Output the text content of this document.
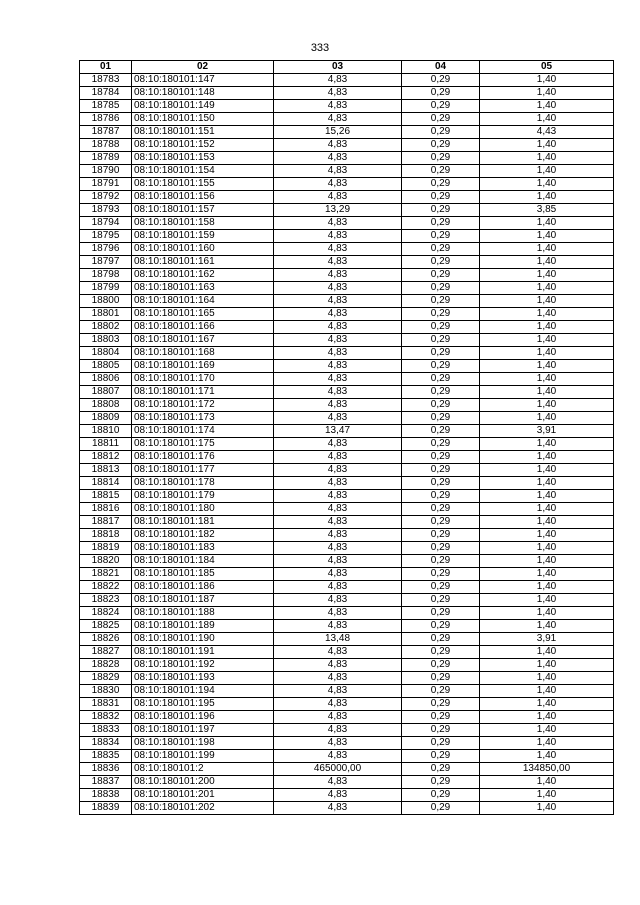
333
01	02	03	04	05
18783	08:10:180101:147	4,83	0,29	1,40
18784	08:10:180101:148	4,83	0,29	1,40
18785	08:10:180101:149	4,83	0,29	1,40
18786	08:10:180101:150	4,83	0,29	1,40
18787	08:10:180101:151	15,26	0,29	4,43
18788	08:10:180101:152	4,83	0,29	1,40
18789	08:10:180101:153	4,83	0,29	1,40
18790	08:10:180101:154	4,83	0,29	1,40
18791	08:10:180101:155	4,83	0,29	1,40
18792	08:10:180101:156	4,83	0,29	1,40
18793	08:10:180101:157	13,29	0,29	3,85
18794	08:10:180101:158	4,83	0,29	1,40
18795	08:10:180101:159	4,83	0,29	1,40
18796	08:10:180101:160	4,83	0,29	1,40
18797	08:10:180101:161	4,83	0,29	1,40
18798	08:10:180101:162	4,83	0,29	1,40
18799	08:10:180101:163	4,83	0,29	1,40
18800	08:10:180101:164	4,83	0,29	1,40
18801	08:10:180101:165	4,83	0,29	1,40
18802	08:10:180101:166	4,83	0,29	1,40
18803	08:10:180101:167	4,83	0,29	1,40
18804	08:10:180101:168	4,83	0,29	1,40
18805	08:10:180101:169	4,83	0,29	1,40
18806	08:10:180101:170	4,83	0,29	1,40
18807	08:10:180101:171	4,83	0,29	1,40
18808	08:10:180101:172	4,83	0,29	1,40
18809	08:10:180101:173	4,83	0,29	1,40
18810	08:10:180101:174	13,47	0,29	3,91
18811	08:10:180101:175	4,83	0,29	1,40
18812	08:10:180101:176	4,83	0,29	1,40
18813	08:10:180101:177	4,83	0,29	1,40
18814	08:10:180101:178	4,83	0,29	1,40
18815	08:10:180101:179	4,83	0,29	1,40
18816	08:10:180101:180	4,83	0,29	1,40
18817	08:10:180101:181	4,83	0,29	1,40
18818	08:10:180101:182	4,83	0,29	1,40
18819	08:10:180101:183	4,83	0,29	1,40
18820	08:10:180101:184	4,83	0,29	1,40
18821	08:10:180101:185	4,83	0,29	1,40
18822	08:10:180101:186	4,83	0,29	1,40
18823	08:10:180101:187	4,83	0,29	1,40
18824	08:10:180101:188	4,83	0,29	1,40
18825	08:10:180101:189	4,83	0,29	1,40
18826	08:10:180101:190	13,48	0,29	3,91
18827	08:10:180101:191	4,83	0,29	1,40
18828	08:10:180101:192	4,83	0,29	1,40
18829	08:10:180101:193	4,83	0,29	1,40
18830	08:10:180101:194	4,83	0,29	1,40
18831	08:10:180101:195	4,83	0,29	1,40
18832	08:10:180101:196	4,83	0,29	1,40
18833	08:10:180101:197	4,83	0,29	1,40
18834	08:10:180101:198	4,83	0,29	1,40
18835	08:10:180101:199	4,83	0,29	1,40
18836	08:10:180101:2	465000,00	0,29	134850,00
18837	08:10:180101:200	4,83	0,29	1,40
18838	08:10:180101:201	4,83	0,29	1,40
18839	08:10:180101:202	4,83	0,29	1,40
